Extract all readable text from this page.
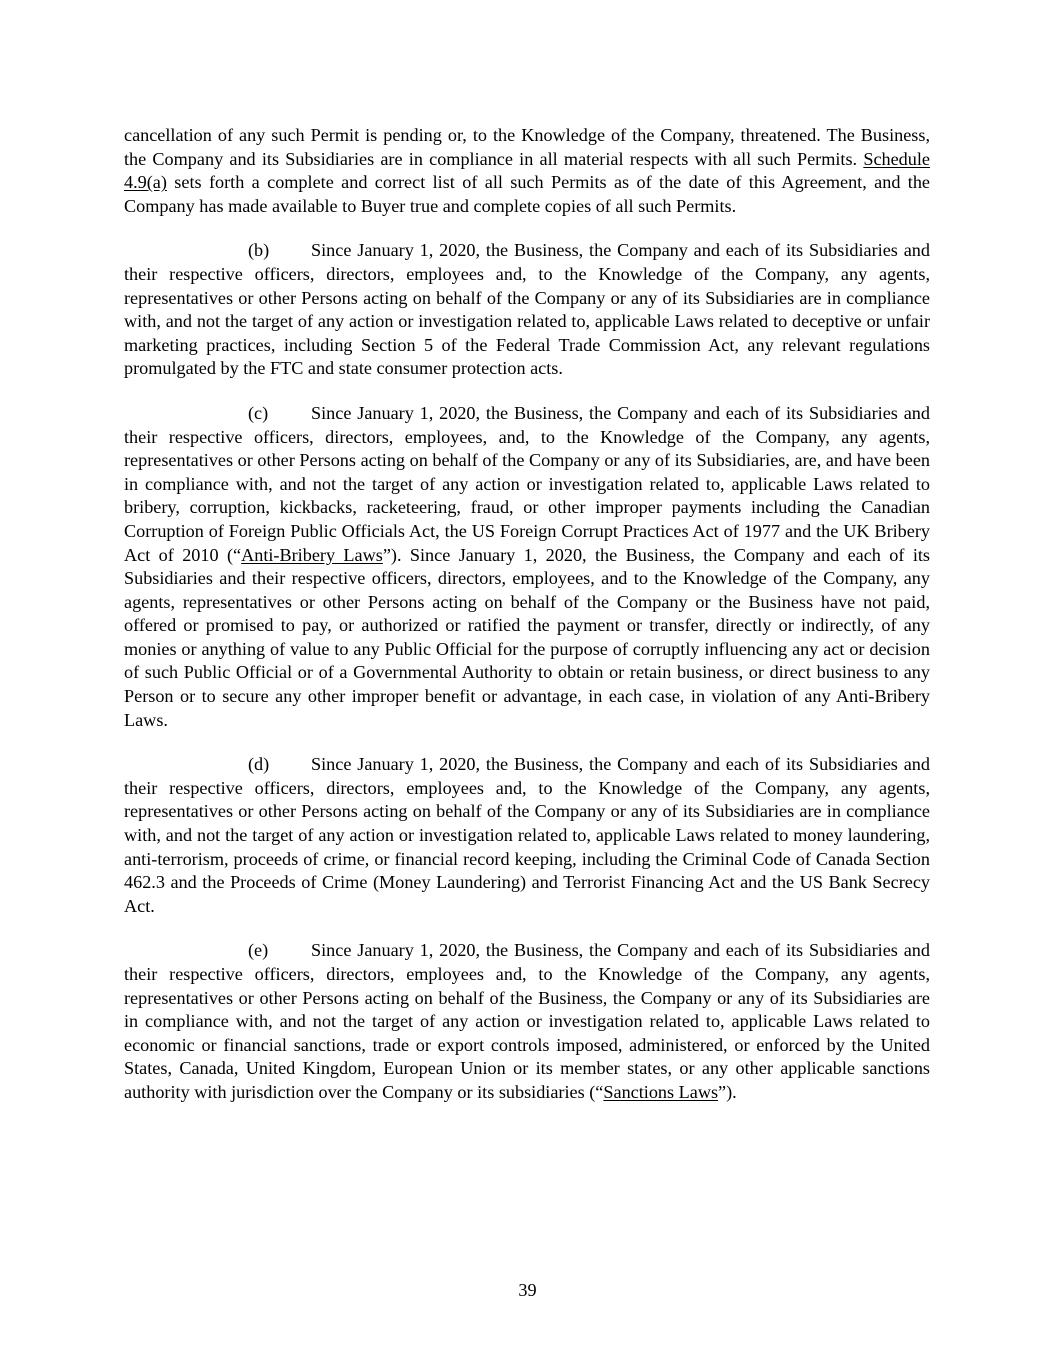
cancellation of any such Permit is pending or, to the Knowledge of the Company, threatened. The Business, the Company and its Subsidiaries are in compliance in all material respects with all such Permits. Schedule 4.9(a) sets forth a complete and correct list of all such Permits as of the date of this Agreement, and the Company has made available to Buyer true and complete copies of all such Permits.

(b) Since January 1, 2020, the Business, the Company and each of its Subsidiaries and their respective officers, directors, employees and, to the Knowledge of the Company, any agents, representatives or other Persons acting on behalf of the Company or any of its Subsidiaries are in compliance with, and not the target of any action or investigation related to, applicable Laws related to deceptive or unfair marketing practices, including Section 5 of the Federal Trade Commission Act, any relevant regulations promulgated by the FTC and state consumer protection acts.

(c) Since January 1, 2020, the Business, the Company and each of its Subsidiaries and their respective officers, directors, employees, and, to the Knowledge of the Company, any agents, representatives or other Persons acting on behalf of the Company or any of its Subsidiaries, are, and have been in compliance with, and not the target of any action or investigation related to, applicable Laws related to bribery, corruption, kickbacks, racketeering, fraud, or other improper payments including the Canadian Corruption of Foreign Public Officials Act, the US Foreign Corrupt Practices Act of 1977 and the UK Bribery Act of 2010 (“Anti-Bribery Laws”). Since January 1, 2020, the Business, the Company and each of its Subsidiaries and their respective officers, directors, employees, and to the Knowledge of the Company, any agents, representatives or other Persons acting on behalf of the Company or the Business have not paid, offered or promised to pay, or authorized or ratified the payment or transfer, directly or indirectly, of any monies or anything of value to any Public Official for the purpose of corruptly influencing any act or decision of such Public Official or of a Governmental Authority to obtain or retain business, or direct business to any Person or to secure any other improper benefit or advantage, in each case, in violation of any Anti-Bribery Laws.

(d) Since January 1, 2020, the Business, the Company and each of its Subsidiaries and their respective officers, directors, employees and, to the Knowledge of the Company, any agents, representatives or other Persons acting on behalf of the Company or any of its Subsidiaries are in compliance with, and not the target of any action or investigation related to, applicable Laws related to money laundering, anti-terrorism, proceeds of crime, or financial record keeping, including the Criminal Code of Canada Section 462.3 and the Proceeds of Crime (Money Laundering) and Terrorist Financing Act and the US Bank Secrecy Act.

(e) Since January 1, 2020, the Business, the Company and each of its Subsidiaries and their respective officers, directors, employees and, to the Knowledge of the Company, any agents, representatives or other Persons acting on behalf of the Business, the Company or any of its Subsidiaries are in compliance with, and not the target of any action or investigation related to, applicable Laws related to economic or financial sanctions, trade or export controls imposed, administered, or enforced by the United States, Canada, United Kingdom, European Union or its member states, or any other applicable sanctions authority with jurisdiction over the Company or its subsidiaries (“Sanctions Laws”).

39
